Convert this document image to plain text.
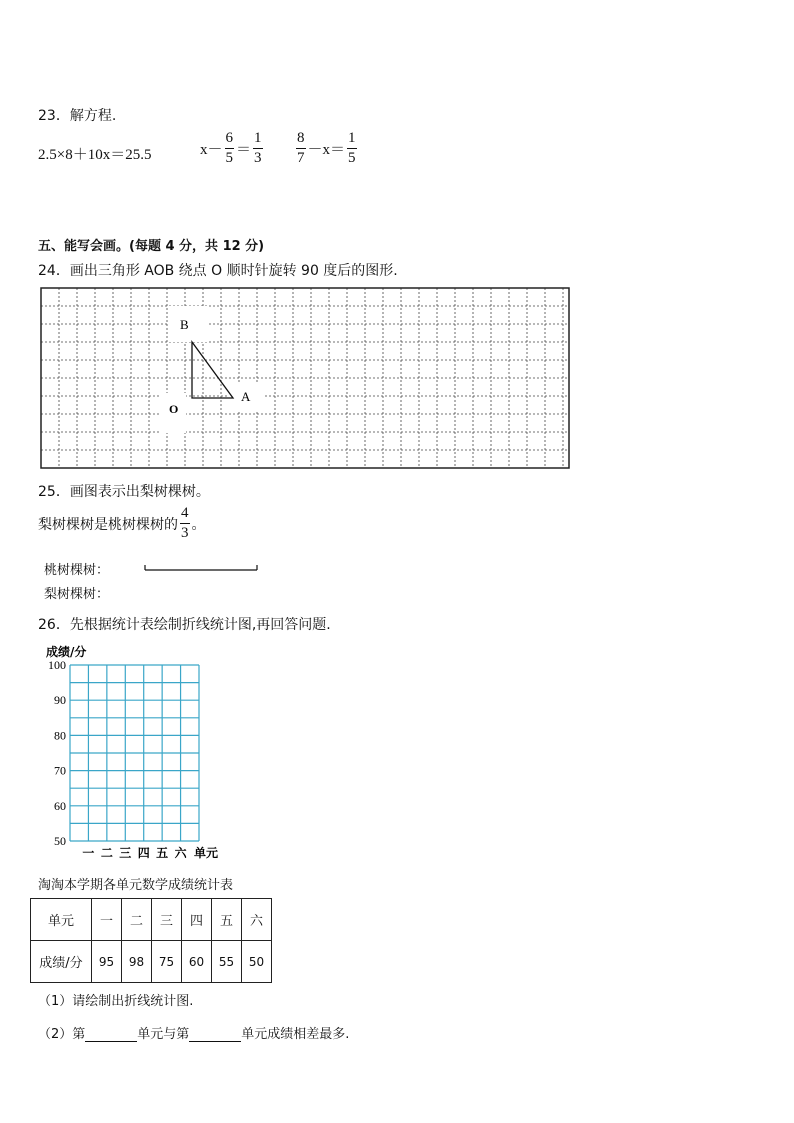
23．解方程.
2.5×8＋10x＝25.5	$x- \frac{6}{5} = \frac{1}{3} \frac{8}{7} -x= \frac{1}{5}$
五、能写会画。(每题 4 分，共 12 分)
24．画出三角形 AOB 绕点 O 顺时针旋转 90 度后的图形.
B
A
O
25．画图表示出梨树棵树。
梨树棵树是桃树棵树的 $\frac{4}{3}$ 。
桃树棵树：
梨树棵树：
26．先根据统计表绘制折线统计图,再回答问题.
成绩/分
100
90
80
70
60
50
一 二 三 四 五 六 单元
淘淘本学期各单元数学成绩统计表
单元	一	二	三	四	五	六
成绩/分	95	98	75	60	55	50
（1）请绘制出折线统计图.
（2）第	单元与第	单元成绩相差最多.
